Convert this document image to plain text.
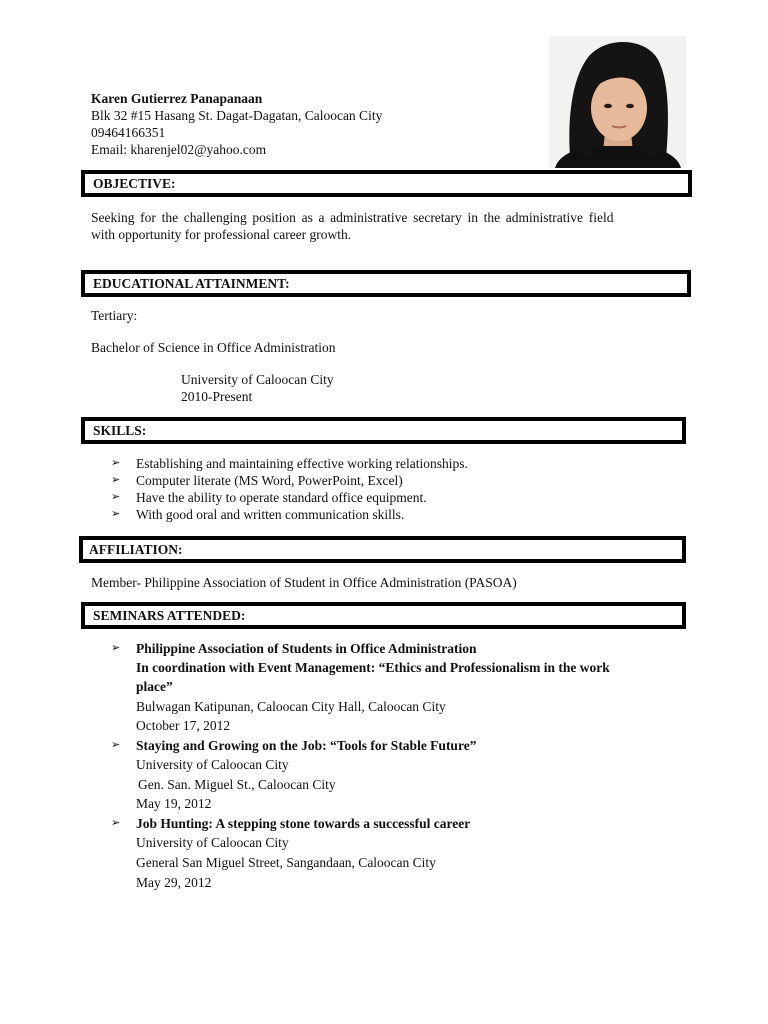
Karen Gutierrez Panapanaan
Blk 32 #15 Hasang St. Dagat-Dagatan, Caloocan City
09464166351
Email: kharenjel02@yahoo.com
OBJECTIVE:
Seeking for the challenging position as a administrative secretary in the administrative field
with opportunity for professional career growth.
EDUCATIONAL ATTAINMENT:
Tertiary:
Bachelor of Science in Office Administration
University of Caloocan City
2010-Present
SKILLS:
➢ Establishing and maintaining effective working relationships.
➢ Computer literate (MS Word, PowerPoint, Excel)
➢ Have the ability to operate standard office equipment.
➢ With good oral and written communication skills.
AFFILIATION:
Member- Philippine Association of Student in Office Administration (PASOA)
SEMINARS ATTENDED:
➢ Philippine Association of Students in Office Administration
In coordination with Event Management: “Ethics and Professionalism in the work
place”
Bulwagan Katipunan, Caloocan City Hall, Caloocan City
October 17, 2012
➢ Staying and Growing on the Job: “Tools for Stable Future”
University of Caloocan City
Gen. San. Miguel St., Caloocan City
May 19, 2012
➢ Job Hunting: A stepping stone towards a successful career
University of Caloocan City
General San Miguel Street, Sangandaan, Caloocan City
May 29, 2012
